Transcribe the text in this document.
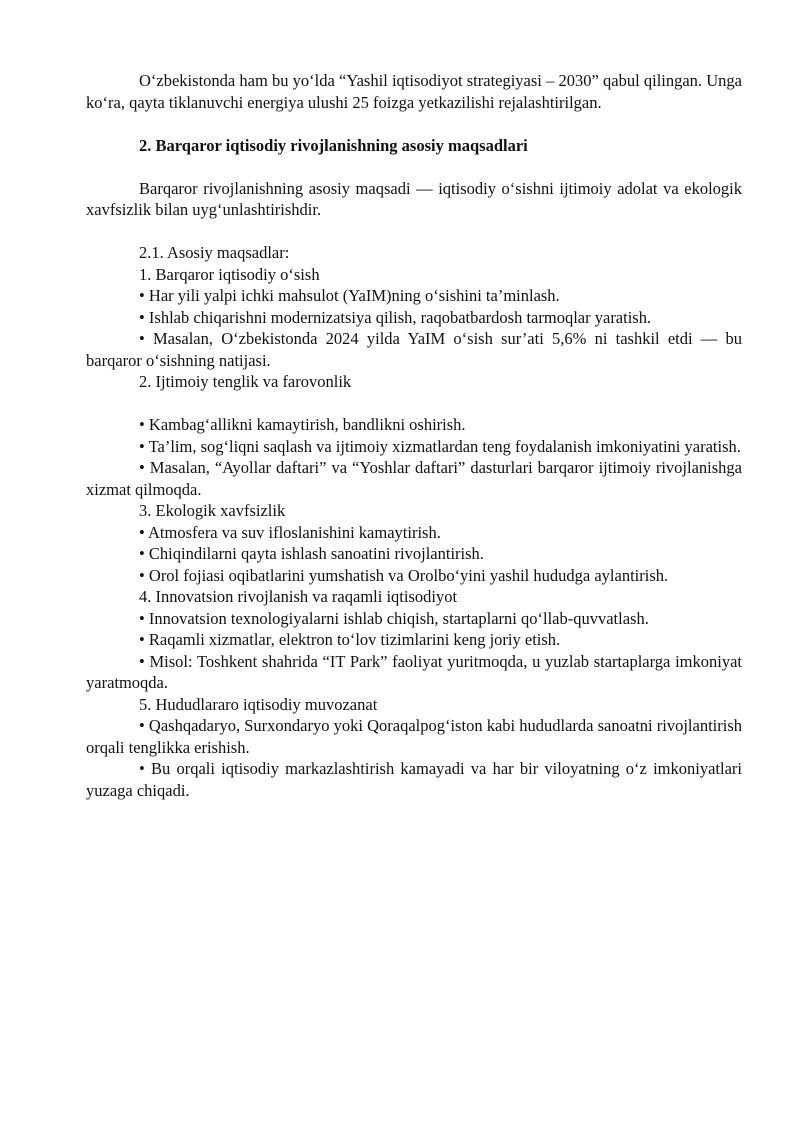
O‘zbekistonda ham bu yo‘lda “Yashil iqtisodiyot strategiyasi – 2030” qabul qilingan. Unga ko‘ra, qayta tiklanuvchi energiya ulushi 25 foizga yetkazilishi rejalashtirilgan.

2. Barqaror iqtisodiy rivojlanishning asosiy maqsadlari

Barqaror rivojlanishning asosiy maqsadi — iqtisodiy o‘sishni ijtimoiy adolat va ekologik xavfsizlik bilan uyg‘unlashtirishdir.

2.1. Asosiy maqsadlar:

1. Barqaror iqtisodiy o‘sish

• Har yili yalpi ichki mahsulot (YaIM)ning o‘sishini ta’minlash.

• Ishlab chiqarishni modernizatsiya qilish, raqobatbardosh tarmoqlar yaratish.

• Masalan, O‘zbekistonda 2024 yilda YaIM o‘sish sur’ati 5,6% ni tashkil etdi — bu barqaror o‘sishning natijasi.

2. Ijtimoiy tenglik va farovonlik

• Kambag‘allikni kamaytirish, bandlikni oshirish.

• Ta’lim, sog‘liqni saqlash va ijtimoiy xizmatlardan teng foydalanish imkoniyatini yaratish.

• Masalan, “Ayollar daftari” va “Yoshlar daftari” dasturlari barqaror ijtimoiy rivojlanishga xizmat qilmoqda.

3. Ekologik xavfsizlik

• Atmosfera va suv ifloslanishini kamaytirish.

• Chiqindilarni qayta ishlash sanoatini rivojlantirish.

• Orol fojiasi oqibatlarini yumshatish va Orolbo‘yini yashil hududga aylantirish.

4. Innovatsion rivojlanish va raqamli iqtisodiyot

• Innovatsion texnologiyalarni ishlab chiqish, startaplarni qo‘llab-quvvatlash.

• Raqamli xizmatlar, elektron to‘lov tizimlarini keng joriy etish.

• Misol: Toshkent shahrida “IT Park” faoliyat yuritmoqda, u yuzlab startaplarga imkoniyat yaratmoqda.

5. Hududlararo iqtisodiy muvozanat

• Qashqadaryo, Surxondaryo yoki Qoraqalpog‘iston kabi hududlarda sanoatni rivojlantirish orqali tenglikka erishish.

• Bu orqali iqtisodiy markazlashtirish kamayadi va har bir viloyatning o‘z imkoniyatlari yuzaga chiqadi.
